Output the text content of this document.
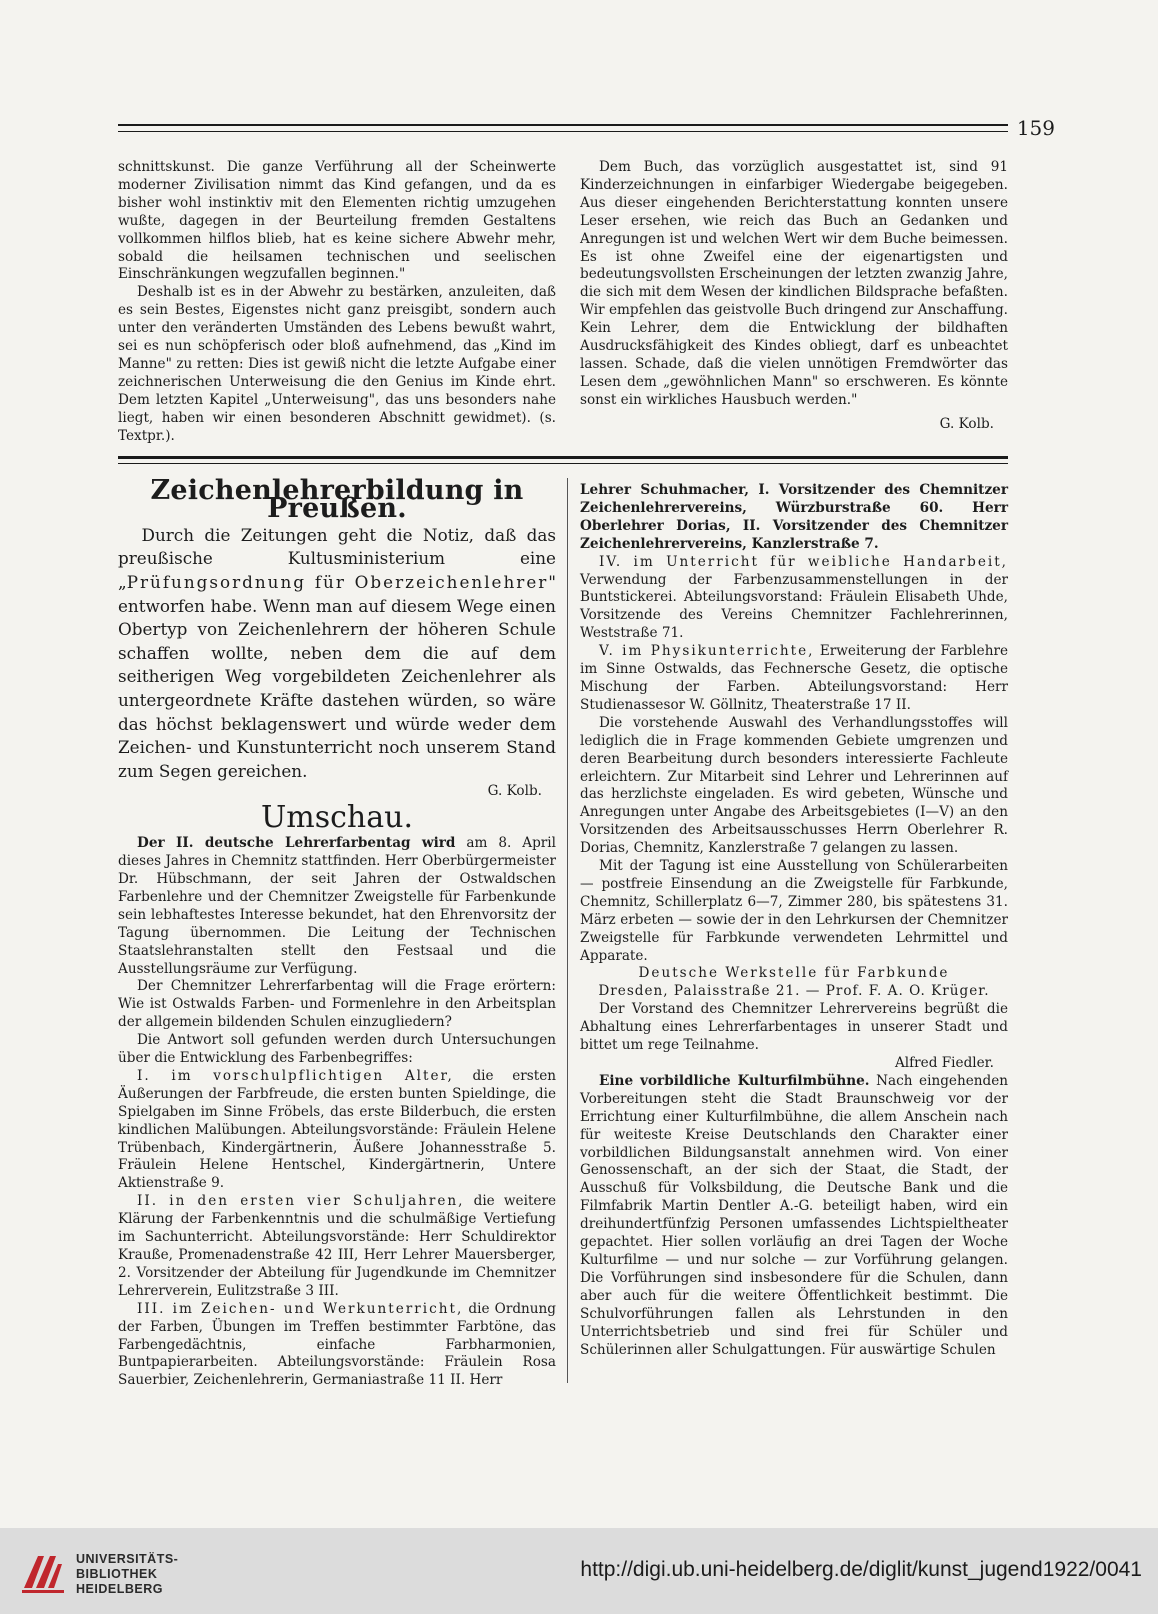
159

schnittskunst. Die ganze Verführung all der Scheinwerte moderner Zivilisation nimmt das Kind gefangen, und da es bisher wohl instinktiv mit den Elementen richtig umzugehen wußte, dagegen in der Beurteilung fremden Gestaltens vollkommen hilflos blieb, hat es keine sichere Abwehr mehr, sobald die heilsamen technischen und seelischen Einschränkungen wegzufallen beginnen."

Deshalb ist es in der Abwehr zu bestärken, anzuleiten, daß es sein Bestes, Eigenstes nicht ganz preisgibt, sondern auch unter den veränderten Umständen des Lebens bewußt wahrt, sei es nun schöpferisch oder bloß aufnehmend, das „Kind im Manne" zu retten: Dies ist gewiß nicht die letzte Aufgabe einer zeichnerischen Unterweisung die den Genius im Kinde ehrt. Dem letzten Kapitel „Unterweisung", das uns besonders nahe liegt, haben wir einen besonderen Abschnitt gewidmet). (s. Textpr.).

Dem Buch, das vorzüglich ausgestattet ist, sind 91 Kinderzeichnungen in einfarbiger Wiedergabe beigegeben. Aus dieser eingehenden Berichterstattung konnten unsere Leser ersehen, wie reich das Buch an Gedanken und Anregungen ist und welchen Wert wir dem Buche beimessen. Es ist ohne Zweifel eine der eigenartigsten und bedeutungsvollsten Erscheinungen der letzten zwanzig Jahre, die sich mit dem Wesen der kindlichen Bildsprache befaßten. Wir empfehlen das geistvolle Buch dringend zur Anschaffung. Kein Lehrer, dem die Entwicklung der bildhaften Ausdrucksfähigkeit des Kindes obliegt, darf es unbeachtet lassen. Schade, daß die vielen unnötigen Fremdwörter das Lesen dem „gewöhnlichen Mann" so erschweren. Es könnte sonst ein wirkliches Hausbuch werden."

G. Kolb.

Zeichenlehrerbildung in Preußen.

Durch die Zeitungen geht die Notiz, daß das preußische Kultusministerium eine „Prüfungsordnung für Oberzeichenlehrer" entworfen habe. Wenn man auf diesem Wege einen Obertyp von Zeichenlehrern der höheren Schule schaffen wollte, neben dem die auf dem seitherigen Weg vorgebildeten Zeichenlehrer als untergeordnete Kräfte dastehen würden, so wäre das höchst beklagenswert und würde weder dem Zeichen- und Kunstunterricht noch unserem Stand zum Segen gereichen.

G. Kolb.

Umschau.

Der II. deutsche Lehrerfarbentag wird am 8. April dieses Jahres in Chemnitz stattfinden. Herr Oberbürgermeister Dr. Hübschmann, der seit Jahren der Ostwaldschen Farbenlehre und der Chemnitzer Zweigstelle für Farbenkunde sein lebhaftestes Interesse bekundet, hat den Ehrenvorsitz der Tagung übernommen. Die Leitung der Technischen Staatslehranstalten stellt den Festsaal und die Ausstellungsräume zur Verfügung.

Der Chemnitzer Lehrerfarbentag will die Frage erörtern: Wie ist Ostwalds Farben- und Formenlehre in den Arbeitsplan der allgemein bildenden Schulen einzugliedern?

Die Antwort soll gefunden werden durch Untersuchungen über die Entwicklung des Farbenbegriffes:

I. im vorschulpflichtigen Alter, die ersten Äußerungen der Farbfreude, die ersten bunten Spieldinge, die Spielgaben im Sinne Fröbels, das erste Bilderbuch, die ersten kindlichen Malübungen. Abteilungsvorstände: Fräulein Helene Trübenbach, Kindergärtnerin, Äußere Johannesstraße 5. Fräulein Helene Hentschel, Kindergärtnerin, Untere Aktienstraße 9.

II. in den ersten vier Schuljahren, die weitere Klärung der Farbenkenntnis und die schulmäßige Vertiefung im Sachunterricht. Abteilungsvorstände: Herr Schuldirektor Krauße, Promenadenstraße 42 III, Herr Lehrer Mauersberger, 2. Vorsitzender der Abteilung für Jugendkunde im Chemnitzer Lehrerverein, Eulitzstraße 3 III.

III. im Zeichen- und Werkunterricht, die Ordnung der Farben, Übungen im Treffen bestimmter Farbtöne, das Farbengedächtnis, einfache Farbharmonien, Buntpapierarbeiten. Abteilungsvorstände: Fräulein Rosa Sauerbier, Zeichenlehrerin, Germaniastraße 11 II. Herr

Lehrer Schuhmacher, I. Vorsitzender des Chemnitzer Zeichenlehrervereins, Würzburstraße 60. Herr Oberlehrer Dorias, II. Vorsitzender des Chemnitzer Zeichenlehrervereins, Kanzlerstraße 7.

IV. im Unterricht für weibliche Handarbeit, Verwendung der Farbenzusammenstellungen in der Buntstickerei. Abteilungsvorstand: Fräulein Elisabeth Uhde, Vorsitzende des Vereins Chemnitzer Fachlehrerinnen, Weststraße 71.

V. im Physikunterrichte, Erweiterung der Farblehre im Sinne Ostwalds, das Fechnersche Gesetz, die optische Mischung der Farben. Abteilungsvorstand: Herr Studienassesor W. Göllnitz, Theaterstraße 17 II.

Die vorstehende Auswahl des Verhandlungsstoffes will lediglich die in Frage kommenden Gebiete umgrenzen und deren Bearbeitung durch besonders interessierte Fachleute erleichtern. Zur Mitarbeit sind Lehrer und Lehrerinnen auf das herzlichste eingeladen. Es wird gebeten, Wünsche und Anregungen unter Angabe des Arbeitsgebietes (I—V) an den Vorsitzenden des Arbeitsausschusses Herrn Oberlehrer R. Dorias, Chemnitz, Kanzlerstraße 7 gelangen zu lassen.

Mit der Tagung ist eine Ausstellung von Schülerarbeiten — postfreie Einsendung an die Zweigstelle für Farbkunde, Chemnitz, Schillerplatz 6—7, Zimmer 280, bis spätestens 31. März erbeten — sowie der in den Lehrkursen der Chemnitzer Zweigstelle für Farbkunde verwendeten Lehrmittel und Apparate.

Deutsche Werkstelle für Farbkunde

Dresden, Palaisstraße 21. — Prof. F. A. O. Krüger.

Der Vorstand des Chemnitzer Lehrervereins begrüßt die Abhaltung eines Lehrerfarbentages in unserer Stadt und bittet um rege Teilnahme.

Alfred Fiedler.

Eine vorbildliche Kulturfilmbühne. Nach eingehenden Vorbereitungen steht die Stadt Braunschweig vor der Errichtung einer Kulturfilmbühne, die allem Anschein nach für weiteste Kreise Deutschlands den Charakter einer vorbildlichen Bildungsanstalt annehmen wird. Von einer Genossenschaft, an der sich der Staat, die Stadt, der Ausschuß für Volksbildung, die Deutsche Bank und die Filmfabrik Martin Dentler A.-G. beteiligt haben, wird ein dreihundertfünfzig Personen umfassendes Lichtspieltheater gepachtet. Hier sollen vorläufig an drei Tagen der Woche Kulturfilme — und nur solche — zur Vorführung gelangen. Die Vorführungen sind insbesondere für die Schulen, dann aber auch für die weitere Öffentlichkeit bestimmt. Die Schulvorführungen fallen als Lehrstunden in den Unterrichtsbetrieb und sind frei für Schüler und Schülerinnen aller Schulgattungen. Für auswärtige Schulen

UNIVERSITÄTS-
BIBLIOTHEK
HEIDELBERG
http://digi.ub.uni-heidelberg.de/diglit/kunst_jugend1922/0041
